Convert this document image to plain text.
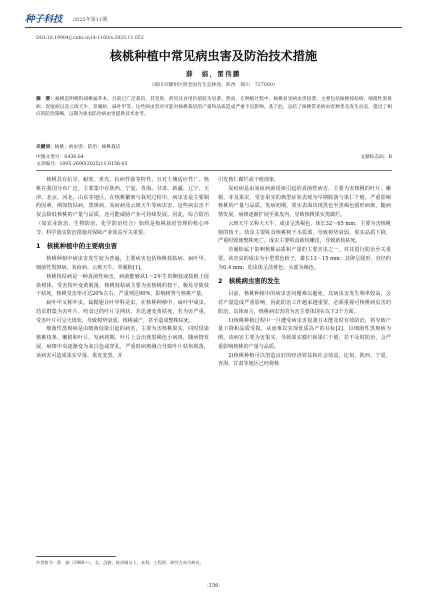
种子科技 2025年第11期
DOI:10.19904/j.cnki.cn14-1160/s.2025.11.052
核桃种植中常见病虫害及防治技术措施
薛　娟，雷伟鹏
（铜川市耀州区照金国有生态林场，陕西　铜川　727000）
摘　要：核桃是明桃科胡桃属乔木，目前已广泛栽培，其坚果、药用及食用价值较为显著。然而，在种植过程中，核桃易受病虫害侵袭。主要包括核桃枝枯病、细菌性黑斑病、炭疽病以及云斑天牛、草履蚧、扁叶甲等。这些病虫害对可能对核桃栽培的产量和品质造成严重不良影响。基于此，总结了核桃常见病虫害种类及发生动态，提出了相应的防治策略，以期为果农防治病虫害提供技术参考。
关键词：核桃；病虫害；防治；核桃栽培
中图分类号：S436.64	文献标志码：B
文章编号：1005-2690(2025)11-0156-03

核桃具有抗旱、耐寒、喜光、抗病性强等特性，且对土壤适应性广。核桃在我国分布广泛，主要集中在陕西、宁夏、青海、甘肃、新疆、辽宁、天津、北京、河北、山东等地区。在核桃繁殖与栽培过程中，病虫害是主要制约因素，例如枝枯病、黑斑病、炭疽病及云斑天牛等病虫害，这些病虫害不仅会降低核桃的产量与品质，还可能威胁产业可持续发展。因此，综合防治（如农业防治、生物防治、化学防治结合）始终是核桃栽培管理的核心环节，科学落实防治措施对保障产业效益至关重要。

1　核桃种植中的主要病虫害

核桃种植中病虫害发生较为普遍，主要病害包括核桃枝枯病、扁叶甲、细菌性黑斑病、炭疽病、云斑天牛、草履蚧[1]。

核桃枝枯病是一种真菌性病害，病菌能够从1～2年生的侧枝或枝梢上侵染树体，受害枝叶变黄脱落，核桃枝枯病主要为害核桃的枝干，极易导致枝干枯死，核桃受害率可达20%左右，严重则达90%，影响树势与核桃产量。

扁叶甲又称叶虫，属鞘翅目叶甲科昆虫，在核桃种植中，扁叶甲成虫、幼虫群集为害叶片，咬食过的叶片呈网状，并迅速变黄枯死，若为害严重，受害叶片可呈火烧状，导致树势衰弱、核桃减产，甚至造成整株枯死。

细菌性黑斑病是由细菌侵染引起的病害，主要为害核桃果实，同时侵染核桃枝条、嫩梢和叶片。发病初期，叶片上会出现黑褐色小病斑，随病情发展，病斑中央逐渐变为灰白色或穿孔，严重时病斑融合导致叶片枯焦脱落，该病害可造成果实早落、果皮变黑，并

引发核仁腐烂或干瘪现象。

炭疽病是由炭疽病菌侵染引起的真菌性病害，主要为害核桃的叶片、嫩梢、芽及果实，受害果实的典型症状表现为早期脱落与果仁干瘪，严重影响核桃的产量与品质。发病初期，果实表面出现黑色至黑褐色圆形病斑，随病情发展，病斑逐渐扩展至果皮内，导致核桃果实黑腐烂。

云斑天牛又称大天牛，成虫呈黑褐色，体长32～65 mm，主要为害核桃树的枝干。幼虫主要蛀食核桃树干木质部，导致树势衰弱，果实品质下降，严重时致使整株死亡，成虫主要啃食新枝嫩皮，导致新枝枯死。

草履蚧属于影响核桃品质和产量的主要害虫之一，对其进行防治至关重要。该害虫的成虫为小型黑色蚧子，雄长13～15 mm；其卵呈圆形，直径约为0.4 mm；幼虫体呈淡黄色，头部为褐色。

2　核桃病虫害的发生

目前，核桃种植中的病虫害问题难以避免，其病虫害发生频率较高，会对产量造成严重影响，因此防治工作越来越重要，必须重视可核桃病虫害的防治。具体而言，核桃病虫害的为害主要体现在以下3个方面。

1)核桃种植过程中一旦遭受病虫害侵袭且未能及时有效防治，将导致产量下降和品质受损，从而难以实现优质高产的目标[2]，以细菌性黑斑病为例，该病害主要为害果实，导致果实腐烂和果仁干瘪，若不及时防治，会严重影响核桃的产量与品质。

2)核桃种植可以创造良好的经济效益和社会效益，比如，陕西、宁夏、青海、甘肃等地区已经将核

作者简介：薛　娟（1980—），女，汉族，陕西铜川人，本科，工程师，研究方向为林业。
·156·
